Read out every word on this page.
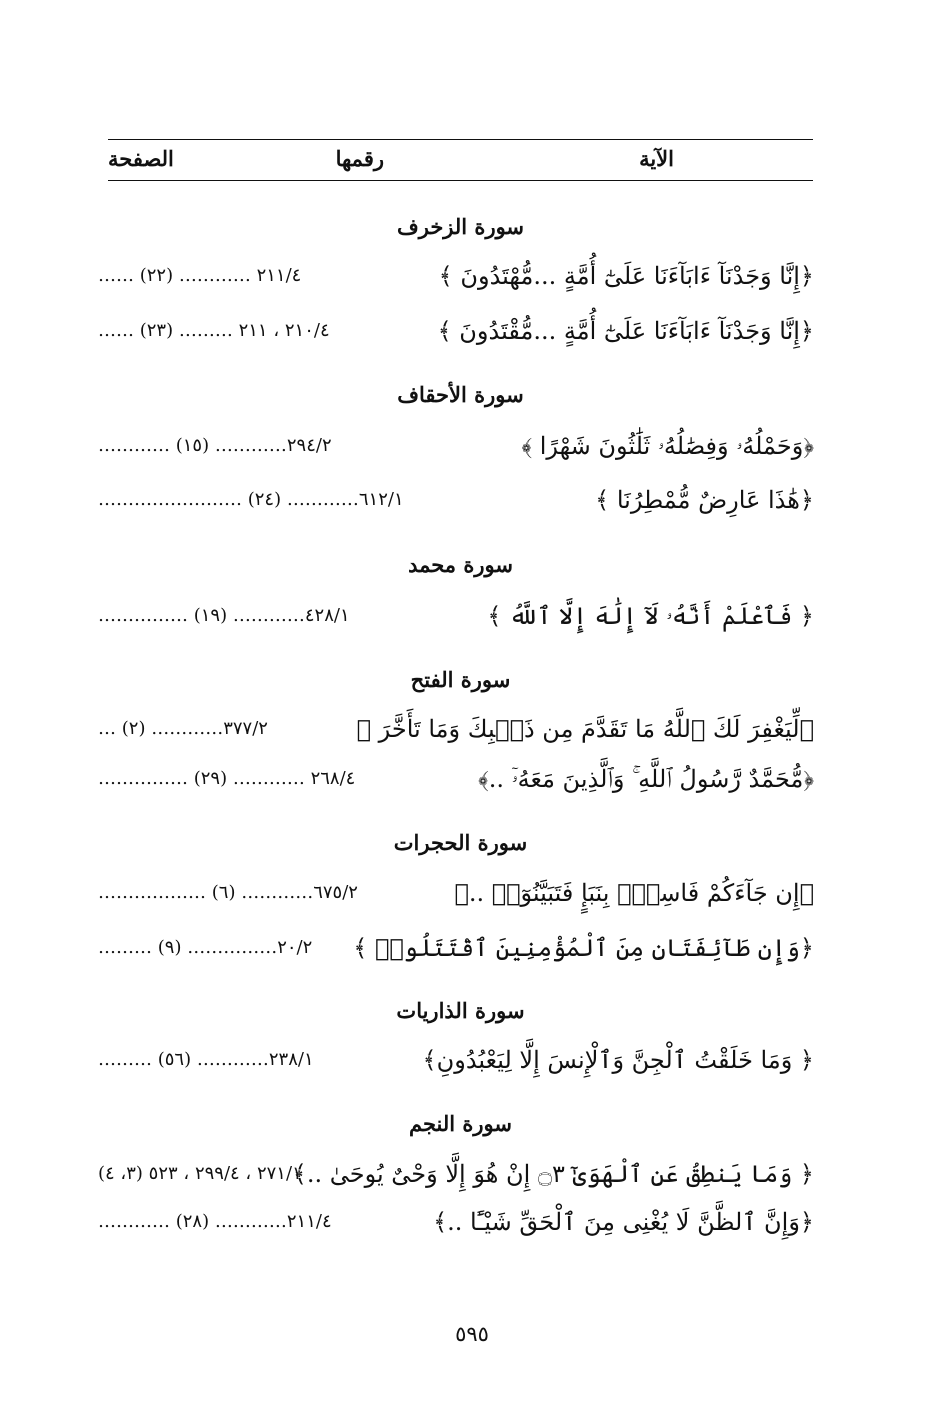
الآية
رقمها
الصفحة
سورة الزخرف
﴿إِنَّا وَجَدْنَآ ءَابَآءَنَا عَلَىٰٓ أُمَّةٍ ...مُّهْتَدُونَ ﴾
٢١١/٤ ………… (٢٢) ……
﴿إِنَّا وَجَدْنَآ ءَابَآءَنَا عَلَىٰٓ أُمَّةٍ ...مُّقْتَدُونَ ﴾
٢١٠/٤ ، ٢١١ ……… (٢٣) ……
سورة الأحقاف
﴿وَحَمْلُهُۥ وَفِصَٰلُهُۥ ثَلَٰثُونَ شَهْرًا ﴾
٢٩٤/٢………… (١٥) …………
﴿هَٰذَا عَارِضٌ مُّمْطِرُنَا ﴾
٦١٢/١………… (٢٤) ……………………
سورة محمد
﴿ فَٱعْلَمْ أَنَّهُۥ لَآ إِلَٰهَ إِلَّا ٱللَّهُ ﴾
٤٢٨/١………… (١٩) ……………
سورة الفتح
﴿لِّيَغْفِرَ لَكَ ٱللَّهُ مَا تَقَدَّمَ مِن ذَنۢبِكَ وَمَا تَأَخَّرَ ﴾
٣٧٧/٢………… (٢) …
﴿مُّحَمَّدٌ رَّسُولُ ٱللَّهِ ۚ وَٱلَّذِينَ مَعَهُۥٓ ..﴾
٢٦٨/٤ ………… (٢٩) ……………
سورة الحجرات
﴿إِن جَآءَكُمْ فَاسِقٌۢ بِنَبَإٍ فَتَبَيَّنُوٓا۟ ..﴾
٦٧٥/٢………… (٦) ………………
﴿وَإِن طَآئِفَتَانِ مِنَ ٱلْمُؤْمِنِينَ ٱقْتَتَلُوا۟ ﴾
٢٠/٢…………… (٩) ………
سورة الذاريات
﴿ وَمَا خَلَقْتُ ٱلْجِنَّ وَٱلْإِنسَ إِلَّا لِيَعْبُدُونِ﴾
٢٣٨/١………… (٥٦) ………
سورة النجم
﴿ وَمَا يَنطِقُ عَنِ ٱلْهَوَىٰٓ ۝٣ إِنْ هُوَ إِلَّا وَحْىٌ يُوحَىٰ ..﴾
٢٧١/١ ، ٢٩٩/٤ ، ٥٢٣ (٣، ٤)
﴿وَإِنَّ ٱلظَّنَّ لَا يُغْنِى مِنَ ٱلْحَقِّ شَيْـًٔا ..﴾
٢١١/٤………… (٢٨) …………
٥٩٥
